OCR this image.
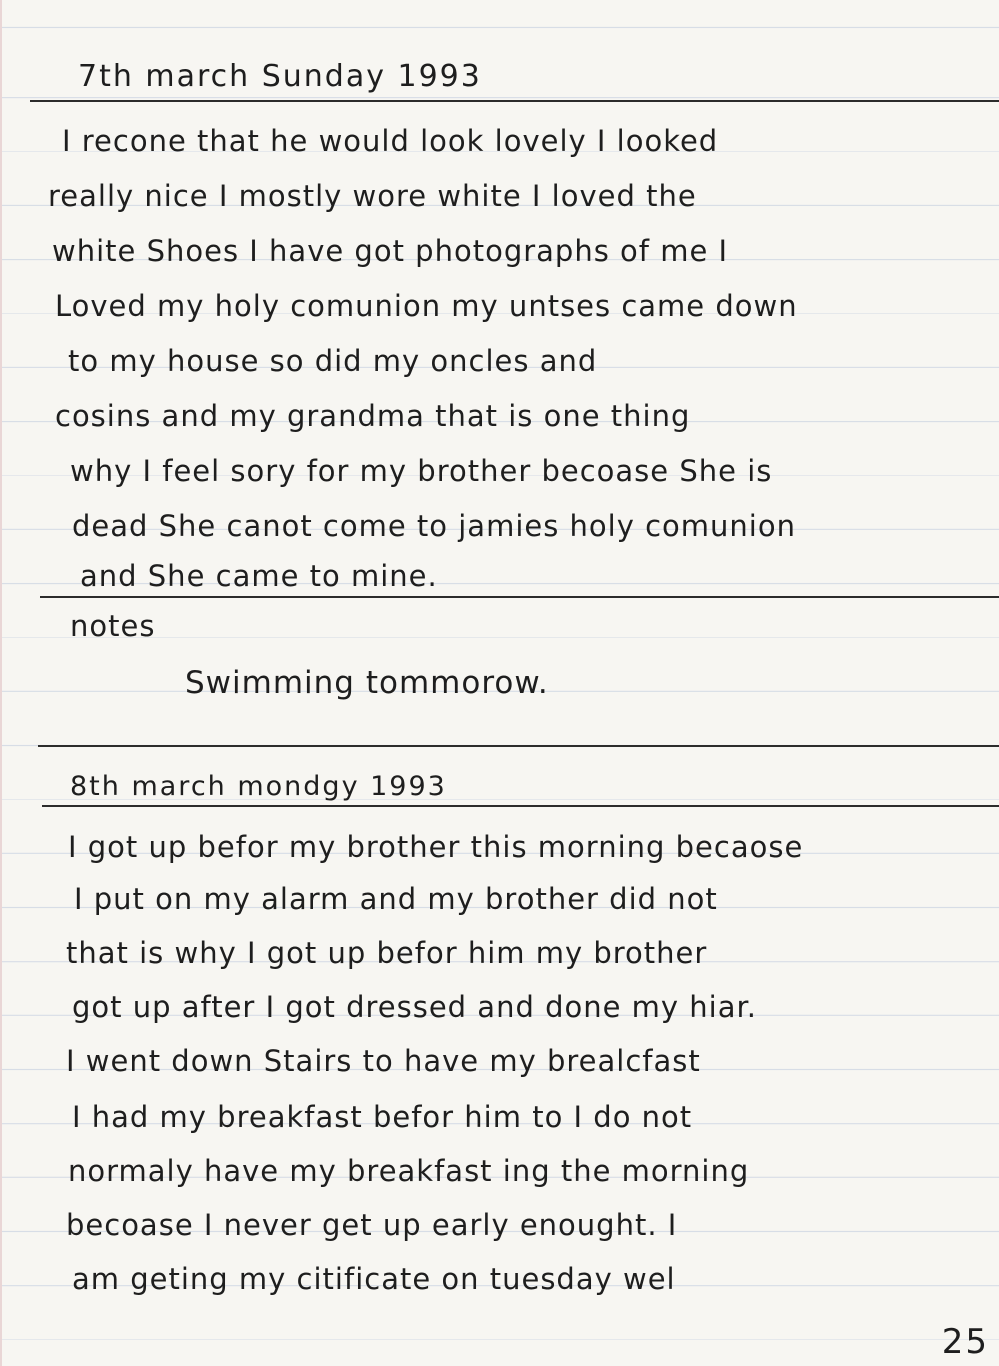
7th march Sunday 1993
I recone that he would look lovely I looked
really nice I mostly wore white I loved the
white Shoes I have got photographs of me I
Loved my holy comunion my untses came down
to my house so did my oncles and
cosins and my grandma that is one thing
why I feel sory for my brother becoase She is
dead She canot come to jamies holy comunion
and She came to mine.
notes
Swimming tommorow.
8th march mondgy 1993
I got up befor my brother this morning becaose
I put on my alarm and my brother did not
that is why I got up befor him my brother
got up after I got dressed and done my hiar.
I went down Stairs to have my brealcfast
I had my breakfast befor him to I do not
normaly have my breakfast ing the morning
becoase I never get up early enought. I
am geting my citificate on tuesday wel
25
